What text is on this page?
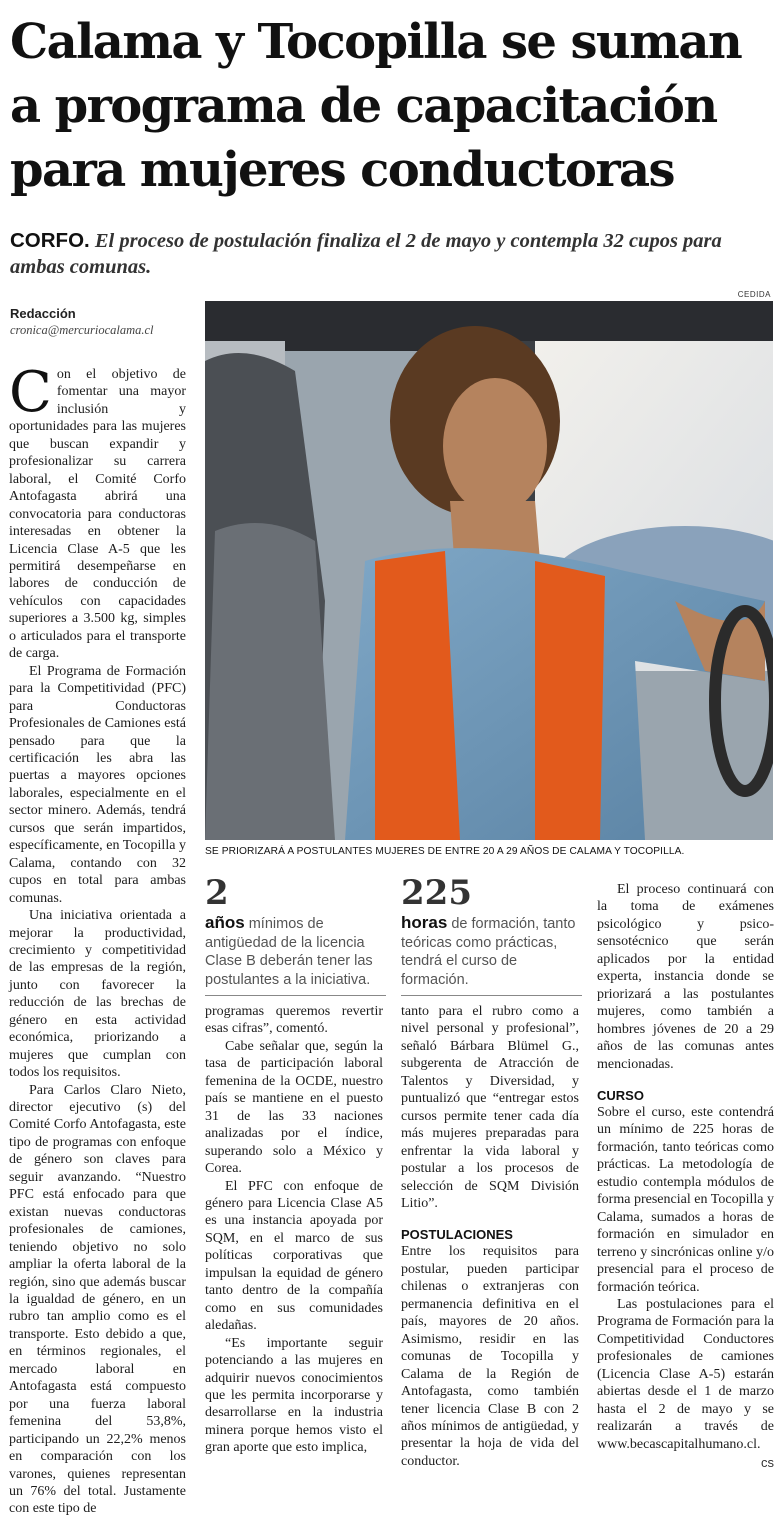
Calama y Tocopilla se suman a programa de capacitación para mujeres conductoras

CORFO. El proceso de postulación finaliza el 2 de mayo y contempla 32 cupos para ambas comunas.

Redacción
cronica@mercuriocalama.cl
CEDIDA
SE PRIORIZARÁ A POSTULANTES MUJERES DE ENTRE 20 A 29 AÑOS DE CALAMA Y TOCOPILLA.

Con el objetivo de fomentar una mayor inclusión y oportunidades para las mujeres que buscan expandir y profesionalizar su carrera laboral, el Comité Corfo Antofagasta abrirá una convocatoria para conductoras interesadas en obtener la Licencia Clase A-5 que les permitirá desempeñarse en labores de conducción de vehículos con capacidades superiores a 3.500 kg, simples o articulados para el transporte de carga.

El Programa de Formación para la Competitividad (PFC) para Conductoras Profesionales de Camiones está pensado para que la certificación les abra las puertas a mayores opciones laborales, especialmente en el sector minero. Además, tendrá cursos que serán impartidos, específicamente, en Tocopilla y Calama, contando con 32 cupos en total para ambas comunas.

Una iniciativa orientada a mejorar la productividad, crecimiento y competitividad de las empresas de la región, junto con favorecer la reducción de las brechas de género en esta actividad económica, priorizando a mujeres que cumplan con todos los requisitos.

Para Carlos Claro Nieto, director ejecutivo (s) del Comité Corfo Antofagasta, este tipo de programas con enfoque de género son claves para seguir avanzando. “Nuestro PFC está enfocado para que existan nuevas conductoras profesionales de camiones, teniendo objetivo no solo ampliar la oferta laboral de la región, sino que además buscar la igualdad de género, en un rubro tan amplio como es el transporte. Esto debido a que, en términos regionales, el mercado laboral en Antofagasta está compuesto por una fuerza laboral femenina del 53,8%, participando un 22,2% menos en comparación con los varones, quienes representan un 76% del total. Justamente con este tipo de

2
años mínimos de antigüedad de la licencia Clase B deberán tener las postulantes a la iniciativa.
225
horas de formación, tanto teóricas como prácticas, tendrá el curso de formación.

programas queremos revertir esas cifras”, comentó.

Cabe señalar que, según la tasa de participación laboral femenina de la OCDE, nuestro país se mantiene en el puesto 31 de las 33 naciones analizadas por el índice, superando solo a México y Corea.

El PFC con enfoque de género para Licencia Clase A5 es una instancia apoyada por SQM, en el marco de sus políticas corporativas que impulsan la equidad de género tanto dentro de la compañía como en sus comunidades aledañas.

“Es importante seguir potenciando a las mujeres en adquirir nuevos conocimientos que les permita incorporarse y desarrollarse en la industria minera porque hemos visto el gran aporte que esto implica,

tanto para el rubro como a nivel personal y profesional”, señaló Bárbara Blümel G., subgerenta de Atracción de Talentos y Diversidad, y puntualizó que “entregar estos cursos permite tener cada día más mujeres preparadas para enfrentar la vida laboral y postular a los procesos de selección de SQM División Litio”.

POSTULACIONES

Entre los requisitos para postular, pueden participar chilenas o extranjeras con permanencia definitiva en el país, mayores de 20 años. Asimismo, residir en las comunas de Tocopilla y Calama de la Región de Antofagasta, como también tener licencia Clase B con 2 años mínimos de antigüedad, y presentar la hoja de vida del conductor.

El proceso continuará con la toma de exámenes psicológico y psico-sensotécnico que serán aplicados por la entidad experta, instancia donde se priorizará a las postulantes mujeres, como también a hombres jóvenes de 20 a 29 años de las comunas antes mencionadas.

CURSO

Sobre el curso, este contendrá un mínimo de 225 horas de formación, tanto teóricas como prácticas. La metodología de estudio contempla módulos de forma presencial en Tocopilla y Calama, sumados a horas de formación en simulador en terreno y sincrónicas online y/o presencial para el proceso de formación teórica.

Las postulaciones para el Programa de Formación para la Competitividad Conductores profesionales de camiones (Licencia Clase A-5) estarán abiertas desde el 1 de marzo hasta el 2 de mayo y se realizarán a través de www.becascapitalhumano.cl.
cs
